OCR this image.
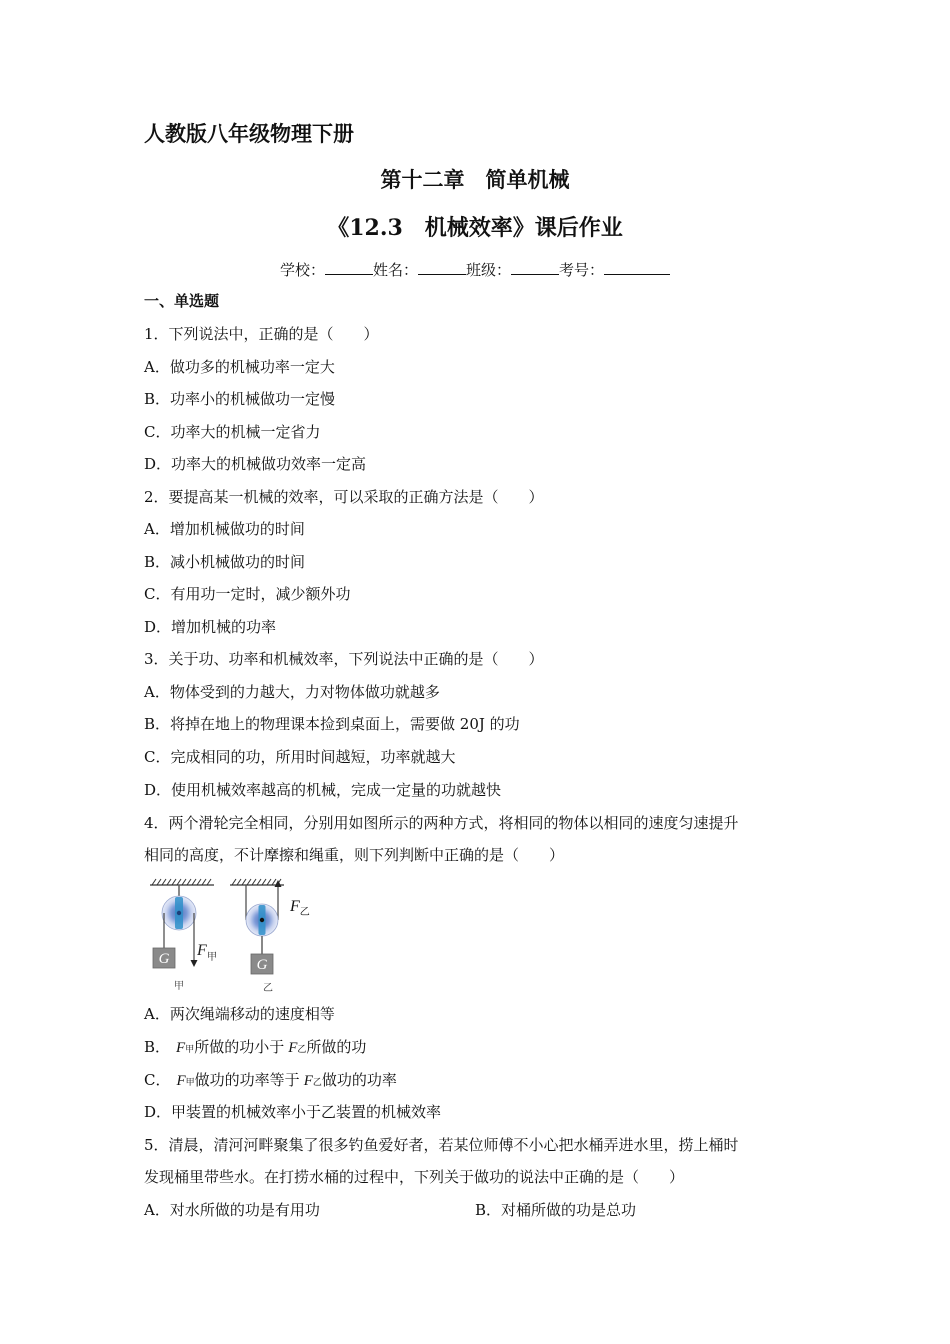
人教版八年级物理下册
第十二章　简单机械
《12.3　机械效率》课后作业
学校：	姓名：	班级：	考号：
一、单选题
1．下列说法中，正确的是（　　）
A．做功多的机械功率一定大
B．功率小的机械做功一定慢
C．功率大的机械一定省力
D．功率大的机械做功效率一定高
2．要提高某一机械的效率，可以采取的正确方法是（　　）
A．增加机械做功的时间
B．减小机械做功的时间
C．有用功一定时，减少额外功
D．增加机械的功率
3．关于功、功率和机械效率，下列说法中正确的是（　　）
A．物体受到的力越大，力对物体做功就越多
B．将掉在地上的物理课本捡到桌面上，需要做 20J 的功
C．完成相同的功，所用时间越短，功率就越大
D．使用机械效率越高的机械，完成一定量的功就越快
4．两个滑轮完全相同，分别用如图所示的两种方式，将相同的物体以相同的速度匀速提升
相同的高度，不计摩擦和绳重，则下列判断中正确的是（　　）
G F 甲
甲
G
乙
$F_乙$
A．两次绳端移动的速度相等
B． F甲所做的功小于 F乙所做的功
C． F甲做功的功率等于 F乙做功的功率
D．甲装置的机械效率小于乙装置的机械效率
5．清晨，清河河畔聚集了很多钓鱼爱好者，若某位师傅不小心把水桶弄进水里，捞上桶时
发现桶里带些水。在打捞水桶的过程中，下列关于做功的说法中正确的是（　　）
A．对水所做的功是有用功	B．对桶所做的功是总功
